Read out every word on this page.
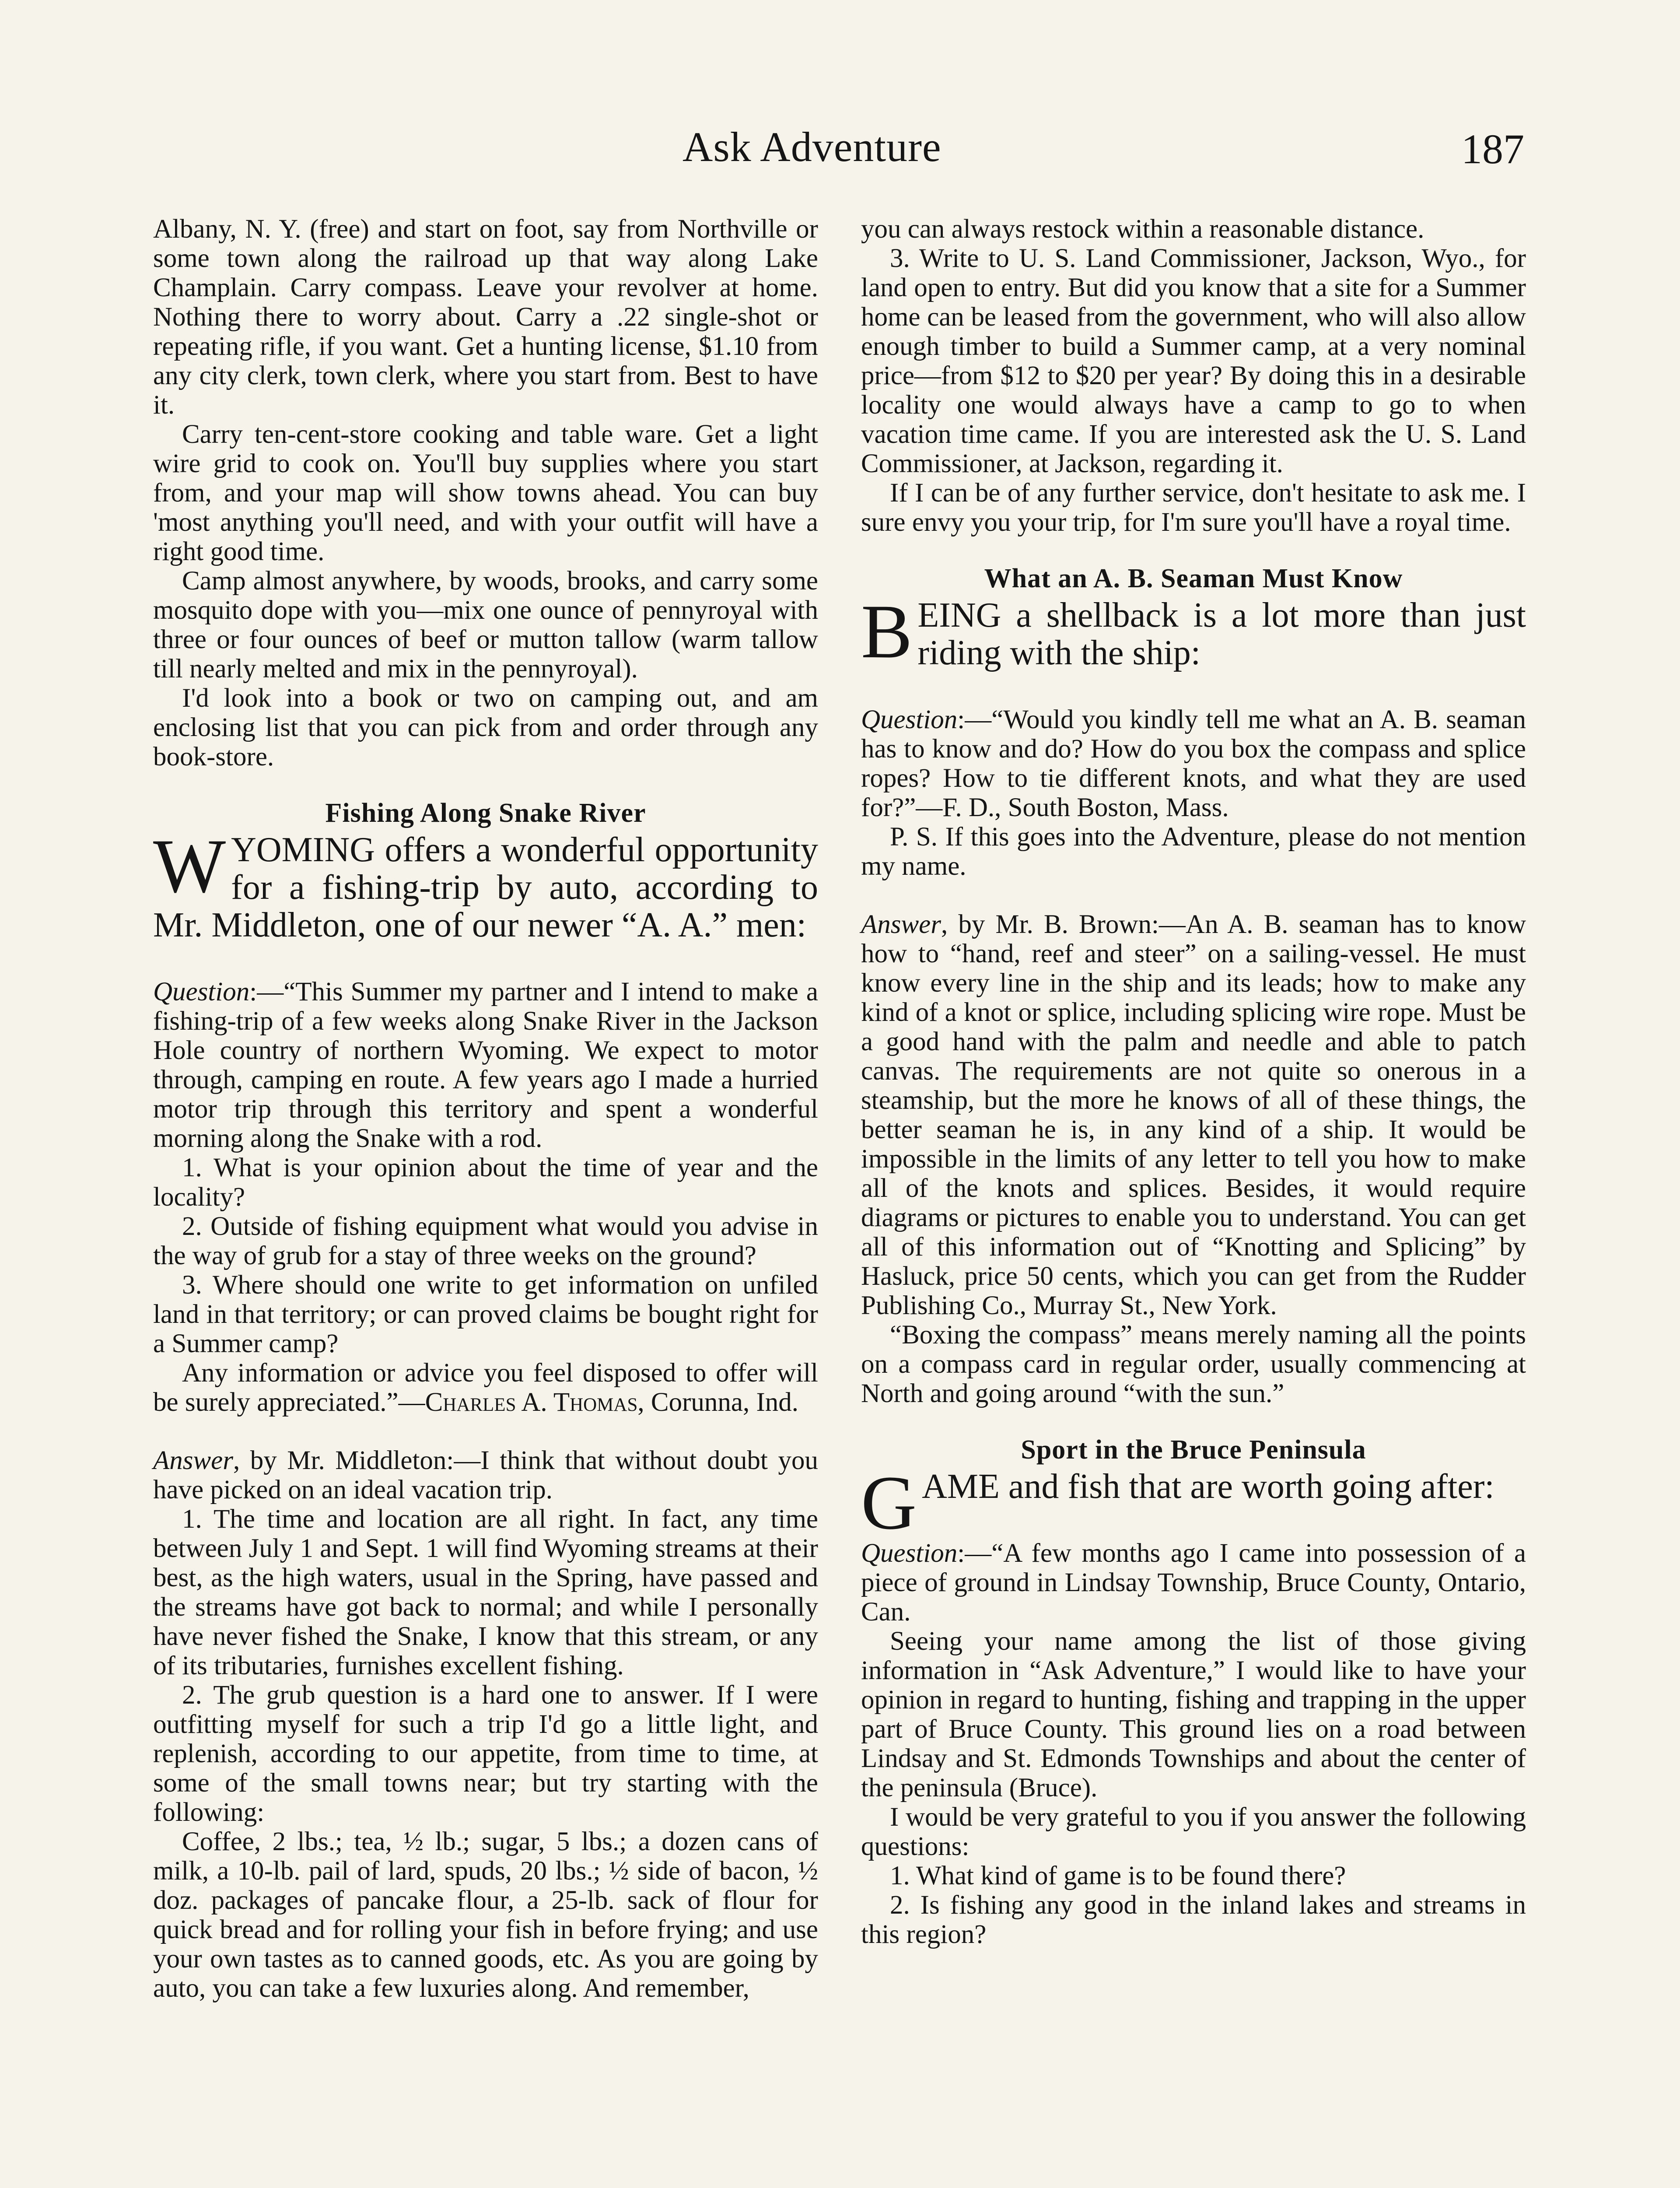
Ask Adventure	187

Albany, N. Y. (free) and start on foot, say from Northville or some town along the railroad up that way along Lake Champlain. Carry compass. Leave your revolver at home. Nothing there to worry about. Carry a .22 single-shot or repeating rifle, if you want. Get a hunting license, $1.10 from any city clerk, town clerk, where you start from. Best to have it.

Carry ten-cent-store cooking and table ware. Get a light wire grid to cook on. You'll buy supplies where you start from, and your map will show towns ahead. You can buy 'most anything you'll need, and with your outfit will have a right good time.

Camp almost anywhere, by woods, brooks, and carry some mosquito dope with you—mix one ounce of pennyroyal with three or four ounces of beef or mutton tallow (warm tallow till nearly melted and mix in the pennyroyal).

I'd look into a book or two on camping out, and am enclosing list that you can pick from and order through any book-store.

Fishing Along Snake River
WYOMING offers a wonderful opportunity for a fishing-trip by auto, according to Mr. Middleton, one of our newer “A. A.” men:

Question:—“This Summer my partner and I intend to make a fishing-trip of a few weeks along Snake River in the Jackson Hole country of northern Wyoming. We expect to motor through, camping en route. A few years ago I made a hurried motor trip through this territory and spent a wonderful morning along the Snake with a rod.

1. What is your opinion about the time of year and the locality?

2. Outside of fishing equipment what would you advise in the way of grub for a stay of three weeks on the ground?

3. Where should one write to get information on unfiled land in that territory; or can proved claims be bought right for a Summer camp?

Any information or advice you feel disposed to offer will be surely appreciated.”—Charles A. Thomas, Corunna, Ind.

Answer, by Mr. Middleton:—I think that without doubt you have picked on an ideal vacation trip.

1. The time and location are all right. In fact, any time between July 1 and Sept. 1 will find Wyoming streams at their best, as the high waters, usual in the Spring, have passed and the streams have got back to normal; and while I personally have never fished the Snake, I know that this stream, or any of its tributaries, furnishes excellent fishing.

2. The grub question is a hard one to answer. If I were outfitting myself for such a trip I'd go a little light, and replenish, according to our appetite, from time to time, at some of the small towns near; but try starting with the following:

Coffee, 2 lbs.; tea, ½ lb.; sugar, 5 lbs.; a dozen cans of milk, a 10-lb. pail of lard, spuds, 20 lbs.; ½ side of bacon, ½ doz. packages of pancake flour, a 25-lb. sack of flour for quick bread and for rolling your fish in before frying; and use your own tastes as to canned goods, etc. As you are going by auto, you can take a few luxuries along. And remember,

you can always restock within a reasonable distance.

3. Write to U. S. Land Commissioner, Jackson, Wyo., for land open to entry. But did you know that a site for a Summer home can be leased from the government, who will also allow enough timber to build a Summer camp, at a very nominal price—from $12 to $20 per year? By doing this in a desirable locality one would always have a camp to go to when vacation time came. If you are interested ask the U. S. Land Commissioner, at Jackson, regarding it.

If I can be of any further service, don't hesitate to ask me. I sure envy you your trip, for I'm sure you'll have a royal time.

What an A. B. Seaman Must Know
BEING a shellback is a lot more than just riding with the ship:

Question:—“Would you kindly tell me what an A. B. seaman has to know and do? How do you box the compass and splice ropes? How to tie different knots, and what they are used for?”—F. D., South Boston, Mass.

P. S. If this goes into the Adventure, please do not mention my name.

Answer, by Mr. B. Brown:—An A. B. seaman has to know how to “hand, reef and steer” on a sailing-vessel. He must know every line in the ship and its leads; how to make any kind of a knot or splice, including splicing wire rope. Must be a good hand with the palm and needle and able to patch canvas. The requirements are not quite so onerous in a steamship, but the more he knows of all of these things, the better seaman he is, in any kind of a ship. It would be impossible in the limits of any letter to tell you how to make all of the knots and splices. Besides, it would require diagrams or pictures to enable you to understand. You can get all of this information out of “Knotting and Splicing” by Hasluck, price 50 cents, which you can get from the Rudder Publishing Co., Murray St., New York.

“Boxing the compass” means merely naming all the points on a compass card in regular order, usually commencing at North and going around “with the sun.”

Sport in the Bruce Peninsula
GAME and fish that are worth going after:

Question:—“A few months ago I came into possession of a piece of ground in Lindsay Township, Bruce County, Ontario, Can.

Seeing your name among the list of those giving information in “Ask Adventure,” I would like to have your opinion in regard to hunting, fishing and trapping in the upper part of Bruce County. This ground lies on a road between Lindsay and St. Edmonds Townships and about the center of the peninsula (Bruce).

I would be very grateful to you if you answer the following questions:

1. What kind of game is to be found there?

2. Is fishing any good in the inland lakes and streams in this region?
